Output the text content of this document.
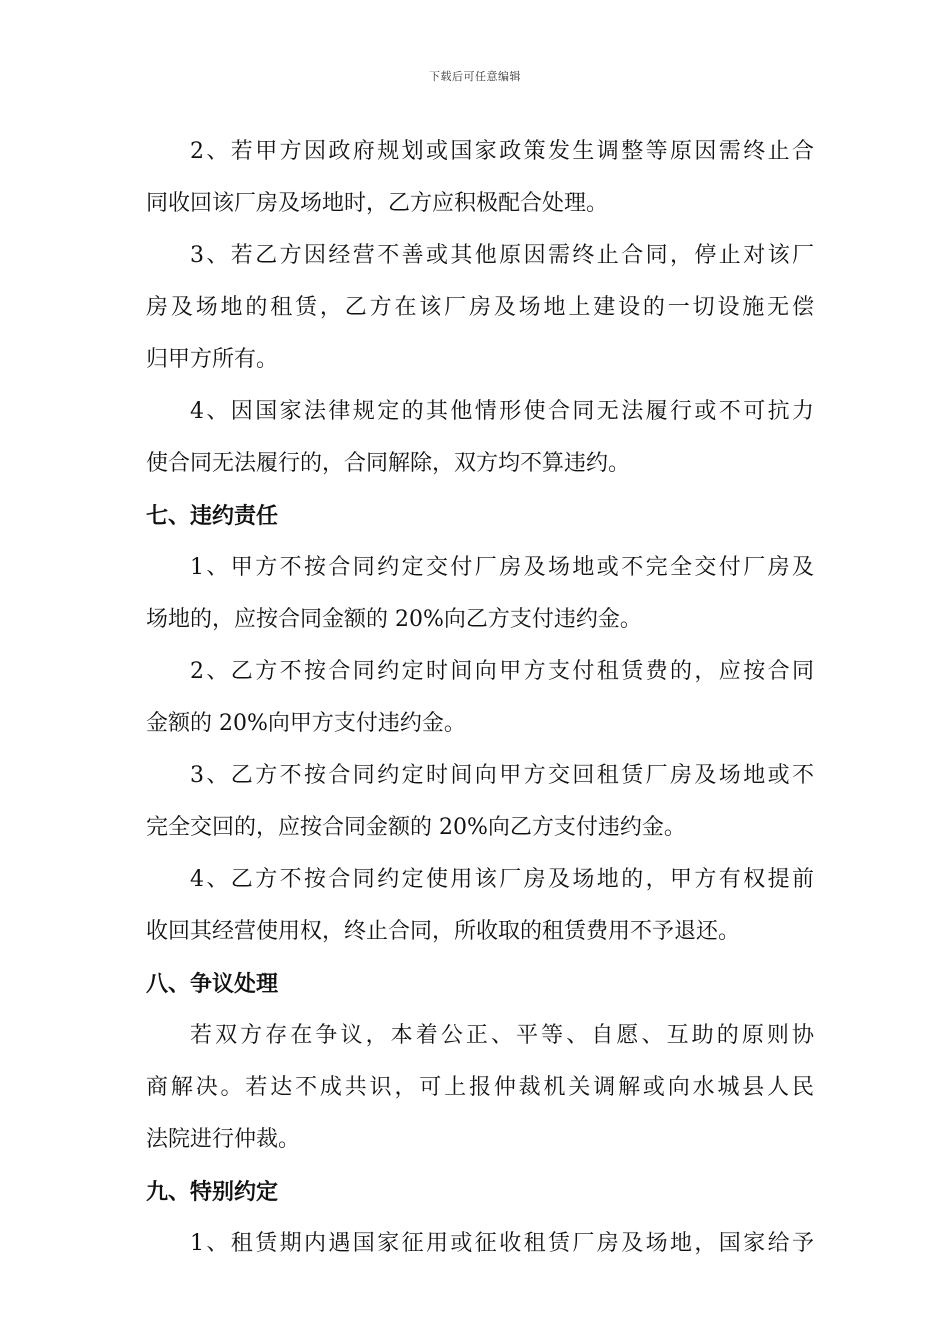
下载后可任意编辑
2、若甲方因政府规划或国家政策发生调整等原因需终止合
同收回该厂房及场地时，乙方应积极配合处理。
3、若乙方因经营不善或其他原因需终止合同，停止对该厂
房及场地的租赁，乙方在该厂房及场地上建设的一切设施无偿
归甲方所有。
4、因国家法律规定的其他情形使合同无法履行或不可抗力
使合同无法履行的，合同解除，双方均不算违约。
七、违约责任
1、甲方不按合同约定交付厂房及场地或不完全交付厂房及
场地的，应按合同金额的 20%向乙方支付违约金。
2、乙方不按合同约定时间向甲方支付租赁费的，应按合同
金额的 20%向甲方支付违约金。
3、乙方不按合同约定时间向甲方交回租赁厂房及场地或不
完全交回的，应按合同金额的 20%向乙方支付违约金。
4、乙方不按合同约定使用该厂房及场地的，甲方有权提前
收回其经营使用权，终止合同，所收取的租赁费用不予退还。
八、争议处理
若双方存在争议，本着公正、平等、自愿、互助的原则协
商解决。若达不成共识，可上报仲裁机关调解或向水城县人民
法院进行仲裁。
九、特别约定
1、租赁期内遇国家征用或征收租赁厂房及场地，国家给予
